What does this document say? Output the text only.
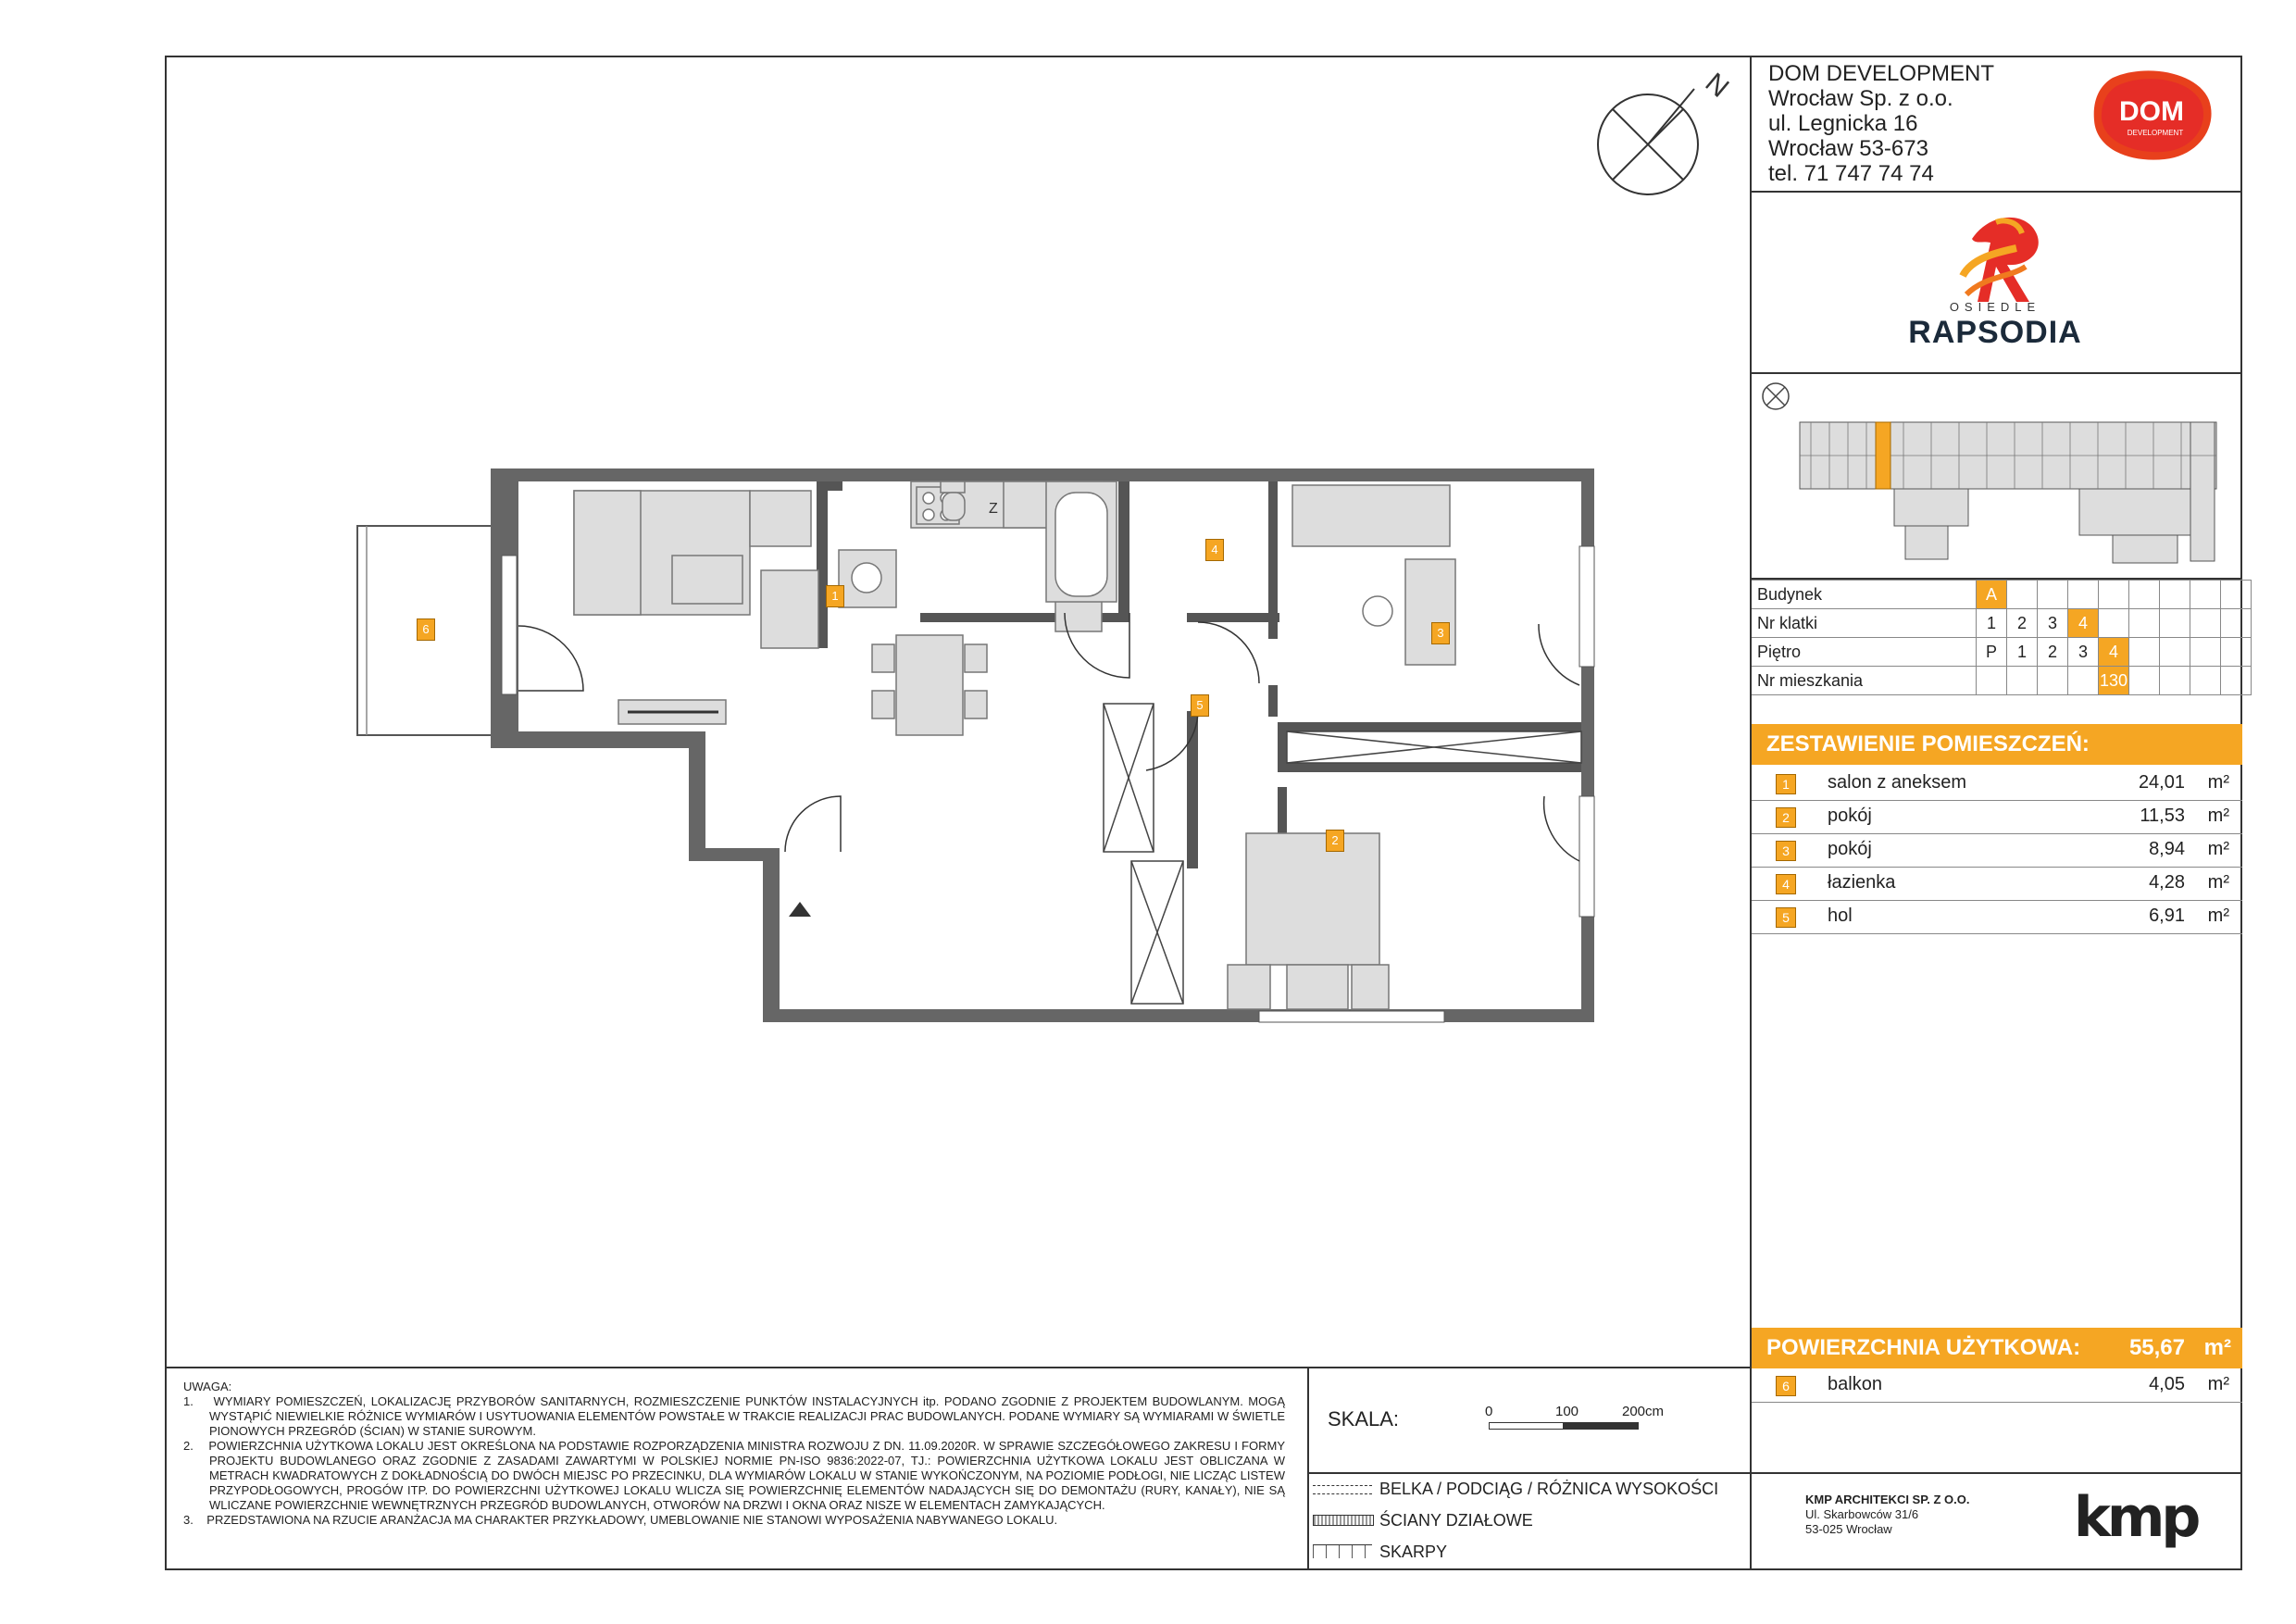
DOM DEVELOPMENT
Wrocław Sp. z o.o.
ul. Legnicka 16
Wrocław 53-673
tel. 71 747 74 74
DOM
DEVELOPMENT
OSIEDLE
RAPSODIA
Budynek	A								
Nr klatki	1	2	3	4					
Piętro	P	1	2	3	4				
Nr mieszkania					130				
ZESTAWIENIE POMIESZCZEŃ:
1	salon z aneksem	24,01 m²
2	pokój	11,53 m²
3	pokój	8,94 m²
4	łazienka	4,28 m²
5	hol	6,91 m²
POWIERZCHNIA UŻYTKOWA: 55,67 m²
6	balkon	4,05 m²

UWAGA:

1. WYMIARY POMIESZCZEŃ, LOKALIZACJĘ PRZYBORÓW SANITARNYCH, ROZMIESZCZENIE PUNKTÓW INSTALACYJNYCH itp. PODANO ZGODNIE Z PROJEKTEM BUDOWLANYM. MOGĄ WYSTĄPIĆ NIEWIELKIE RÓŻNICE WYMIARÓW I USYTUOWANIA ELEMENTÓW POWSTAŁE W TRAKCIE REALIZACJI PRAC BUDOWLANYCH. PODANE WYMIARY SĄ WYMIARAMI W ŚWIETLE PIONOWYCH PRZEGRÓD (ŚCIAN) W STANIE SUROWYM.

2. POWIERZCHNIA UŻYTKOWA LOKALU JEST OKREŚLONA NA PODSTAWIE ROZPORZĄDZENIA MINISTRA ROZWOJU Z DN. 11.09.2020R. W SPRAWIE SZCZEGÓŁOWEGO ZAKRESU I FORMY PROJEKTU BUDOWLANEGO ORAZ ZGODNIE Z ZASADAMI ZAWARTYMI W POLSKIEJ NORMIE PN-ISO 9836:2022-07, TJ.: POWIERZCHNIA UŻYTKOWA LOKALU JEST OBLICZANA W METRACH KWADRATOWYCH Z DOKŁADNOŚCIĄ DO DWÓCH MIEJSC PO PRZECINKU, DLA WYMIARÓW LOKALU W STANIE WYKOŃCZONYM, NA POZIOMIE PODŁOGI, NIE LICZĄC LISTEW PRZYPODŁOGOWYCH, PROGÓW ITP. DO POWIERZCHNI UŻYTKOWEJ LOKALU WLICZA SIĘ POWIERZCHNIĘ ELEMENTÓW NADAJĄCYCH SIĘ DO DEMONTAŻU (RURY, KANAŁY), NIE SĄ WLICZANE POWIERZCHNIE WEWNĘTRZNYCH PRZEGRÓD BUDOWLANYCH, OTWORÓW NA DRZWI I OKNA ORAZ NISZE W ELEMENTACH ZAMYKAJĄCYCH.

3. PRZEDSTAWIONA NA RZUCIE ARANŻACJA MA CHARAKTER PRZYKŁADOWY, UMEBLOWANIE NIE STANOWI WYPOSAŻENIA NABYWANEGO LOKALU.

SKALA:	0	100	200cm
BELKA / PODCIĄG / RÓŻNICA WYSOKOŚCI
ŚCIANY DZIAŁOWE
SKARPY
KMP ARCHITEKCI SP. Z O.O.
Ul. Skarbowców 31/6
53-025 Wrocław	kmp
N
Z
1
2
3
4
5
6
